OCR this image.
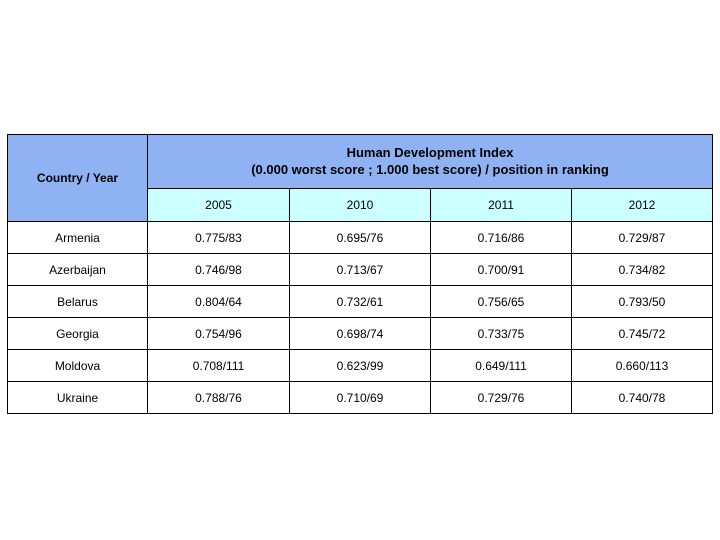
Country / Year	Human Development Index
(0.000 worst score ; 1.000 best score) / position in ranking			

	2005	2010	2011	2012
Armenia	0.775/83	0.695/76	0.716/86	0.729/87
Azerbaijan	0.746/98	0.713/67	0.700/91	0.734/82
Belarus	0.804/64	0.732/61	0.756/65	0.793/50
Georgia	0.754/96	0.698/74	0.733/75	0.745/72
Moldova	0.708/111	0.623/99	0.649/111	0.660/113
Ukraine	0.788/76	0.710/69	0.729/76	0.740/78
